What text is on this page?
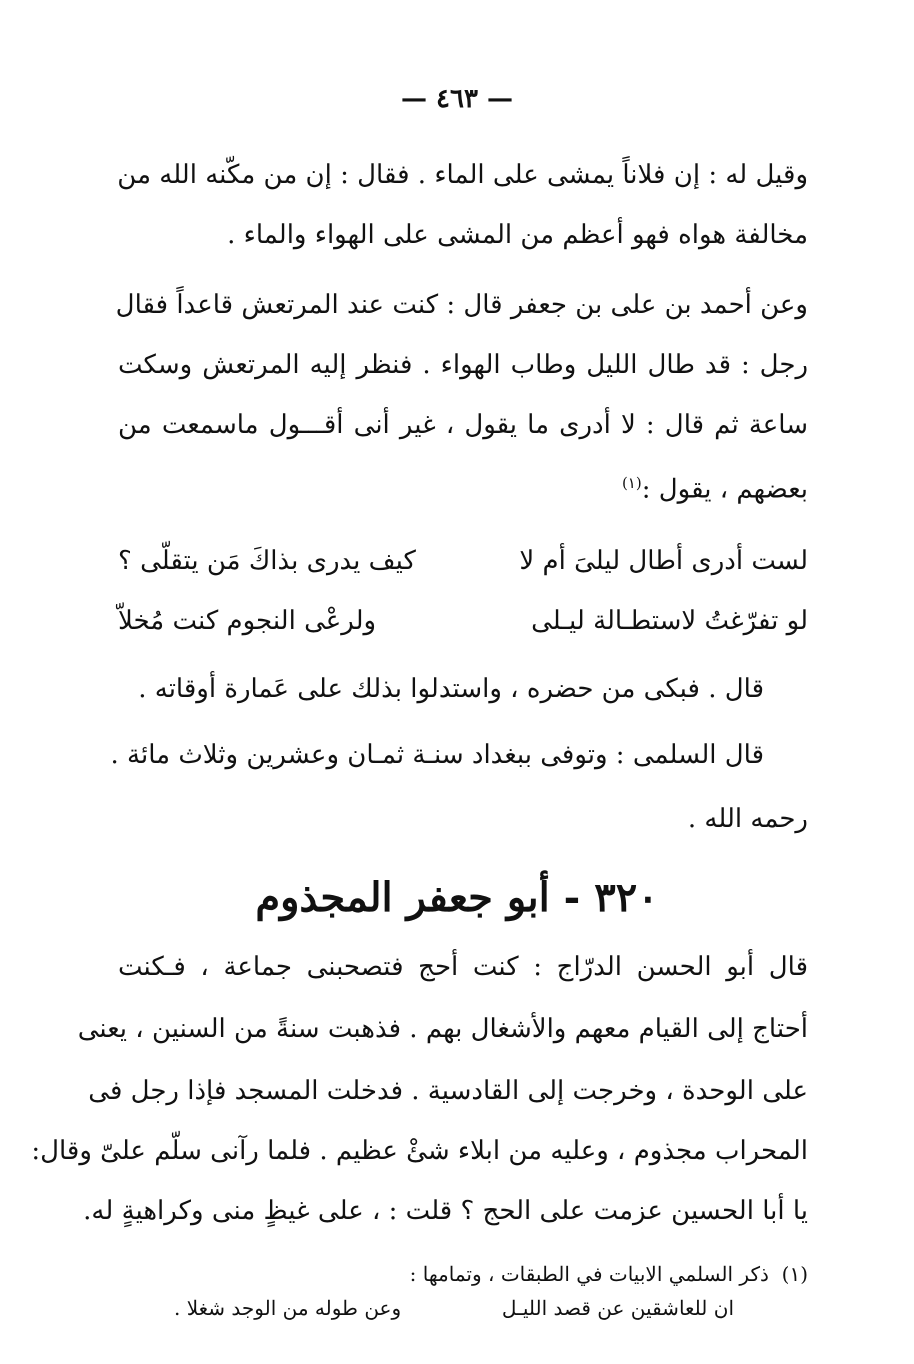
— ٤٦٣ —
وقيل له : إن فلاناً يمشى على الماء . فقال : إن من مكّنه الله من
مخالفة هواه فهو أعظم من المشى على الهواء والماء .
وعن أحمد بن على بن جعفر قال : كنت عند المرتعش قاعداً فقال
رجل : قد طال الليل وطاب الهواء . فنظر إليه المرتعش وسكت
ساعة ثم قال : لا أدرى ما يقول ، غير أنى أقـــول ماسمعت من
بعضهم ، يقول :$^{(١)}$
لست أدرى أطال ليلىَ أم لا
كيف يدرى بذاكَ مَن يتقلّى ؟
لو تفرّغتُ لاستطـالة ليـلى
ولرعْى النجوم كنت مُخلاّ
قال . فبكى من حضره ، واستدلوا بذلك على عَمارة أوقاته .
قال السلمى : وتوفى ببغداد سنـة ثمـان وعشرين وثلاث مائة .
رحمه الله .
٣٢٠ - أبو جعفر المجذوم
قال أبو الحسن الدرّاج : كنت أحج فتصحبنى جماعة ، فـكنت
أحتاج إلى القيام معهم والأشغال بهم . فذهبت سنةً من السنين ، يعنى
على الوحدة ، وخرجت إلى القادسية . فدخلت المسجد فإذا رجل فى
المحراب مجذوم ، وعليه من ابلاء شئْ عظيم . فلما رآنى سلّم علىّ وقال:
يا أبا الحسين عزمت على الحج ؟ قلت : ، على غيظٍ منى وكراهيةٍ له.
(١)  ذكر السلمي الابيات في الطبقات ، وتمامها :
ان للعاشقين عن قصد الليـل
وعن طوله من الوجد شغلا .
